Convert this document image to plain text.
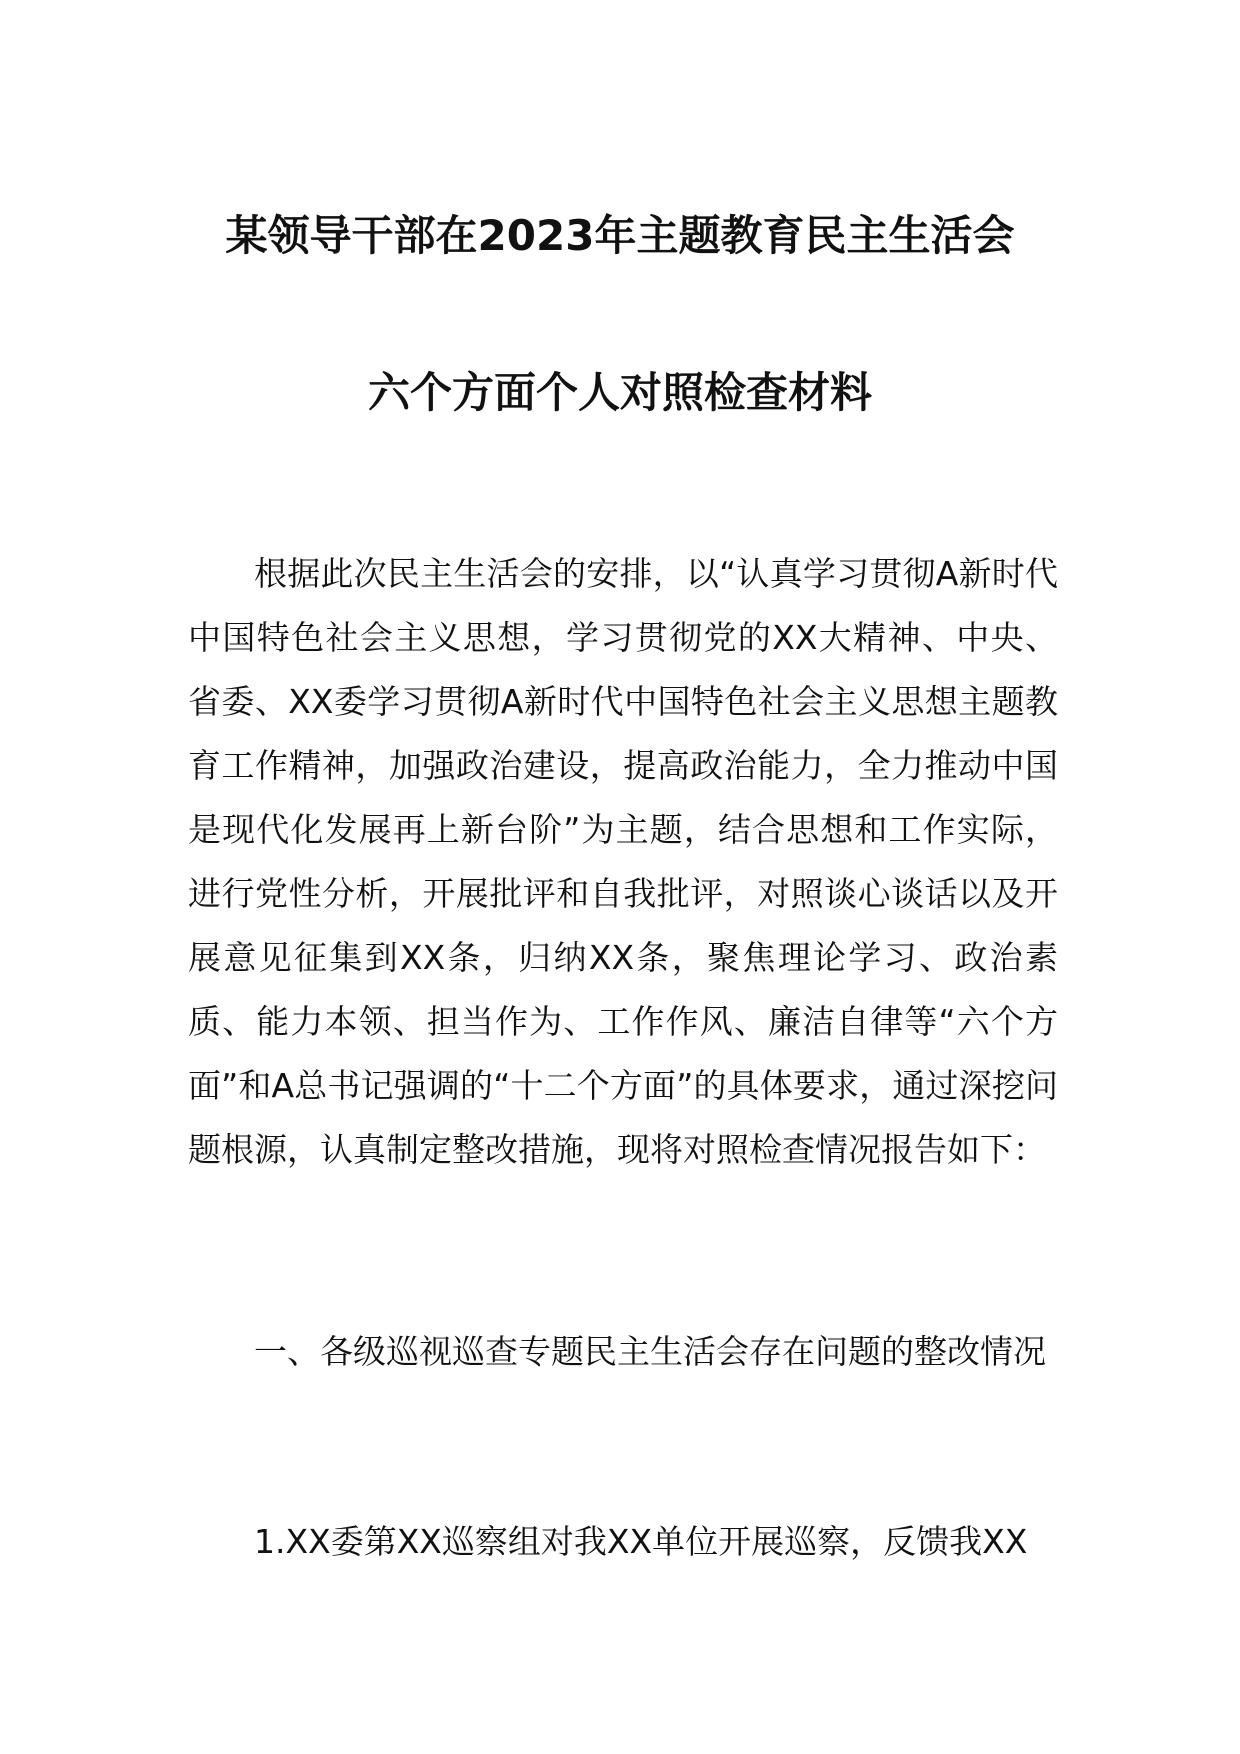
某领导干部在2023年主题教育民主生活会
六个方面个人对照检查材料

根据此次民主生活会的安排，以“认真学习贯彻A新时代中国特色社会主义思想，学习贯彻党的XX大精神、中央、省委、XX委学习贯彻A新时代中国特色社会主义思想主题教育工作精神，加强政治建设，提高政治能力，全力推动中国是现代化发展再上新台阶”为主题，结合思想和工作实际，进行党性分析，开展批评和自我批评，对照谈心谈话以及开展意见征集到XX条，归纳XX条，聚焦理论学习、政治素质、能力本领、担当作为、工作作风、廉洁自律等“六个方面”和A总书记强调的“十二个方面”的具体要求，通过深挖问题根源，认真制定整改措施，现将对照检查情况报告如下：

一、各级巡视巡查专题民主生活会存在问题的整改情况

1.XX委第XX巡察组对我XX单位开展巡察，反馈我XX
